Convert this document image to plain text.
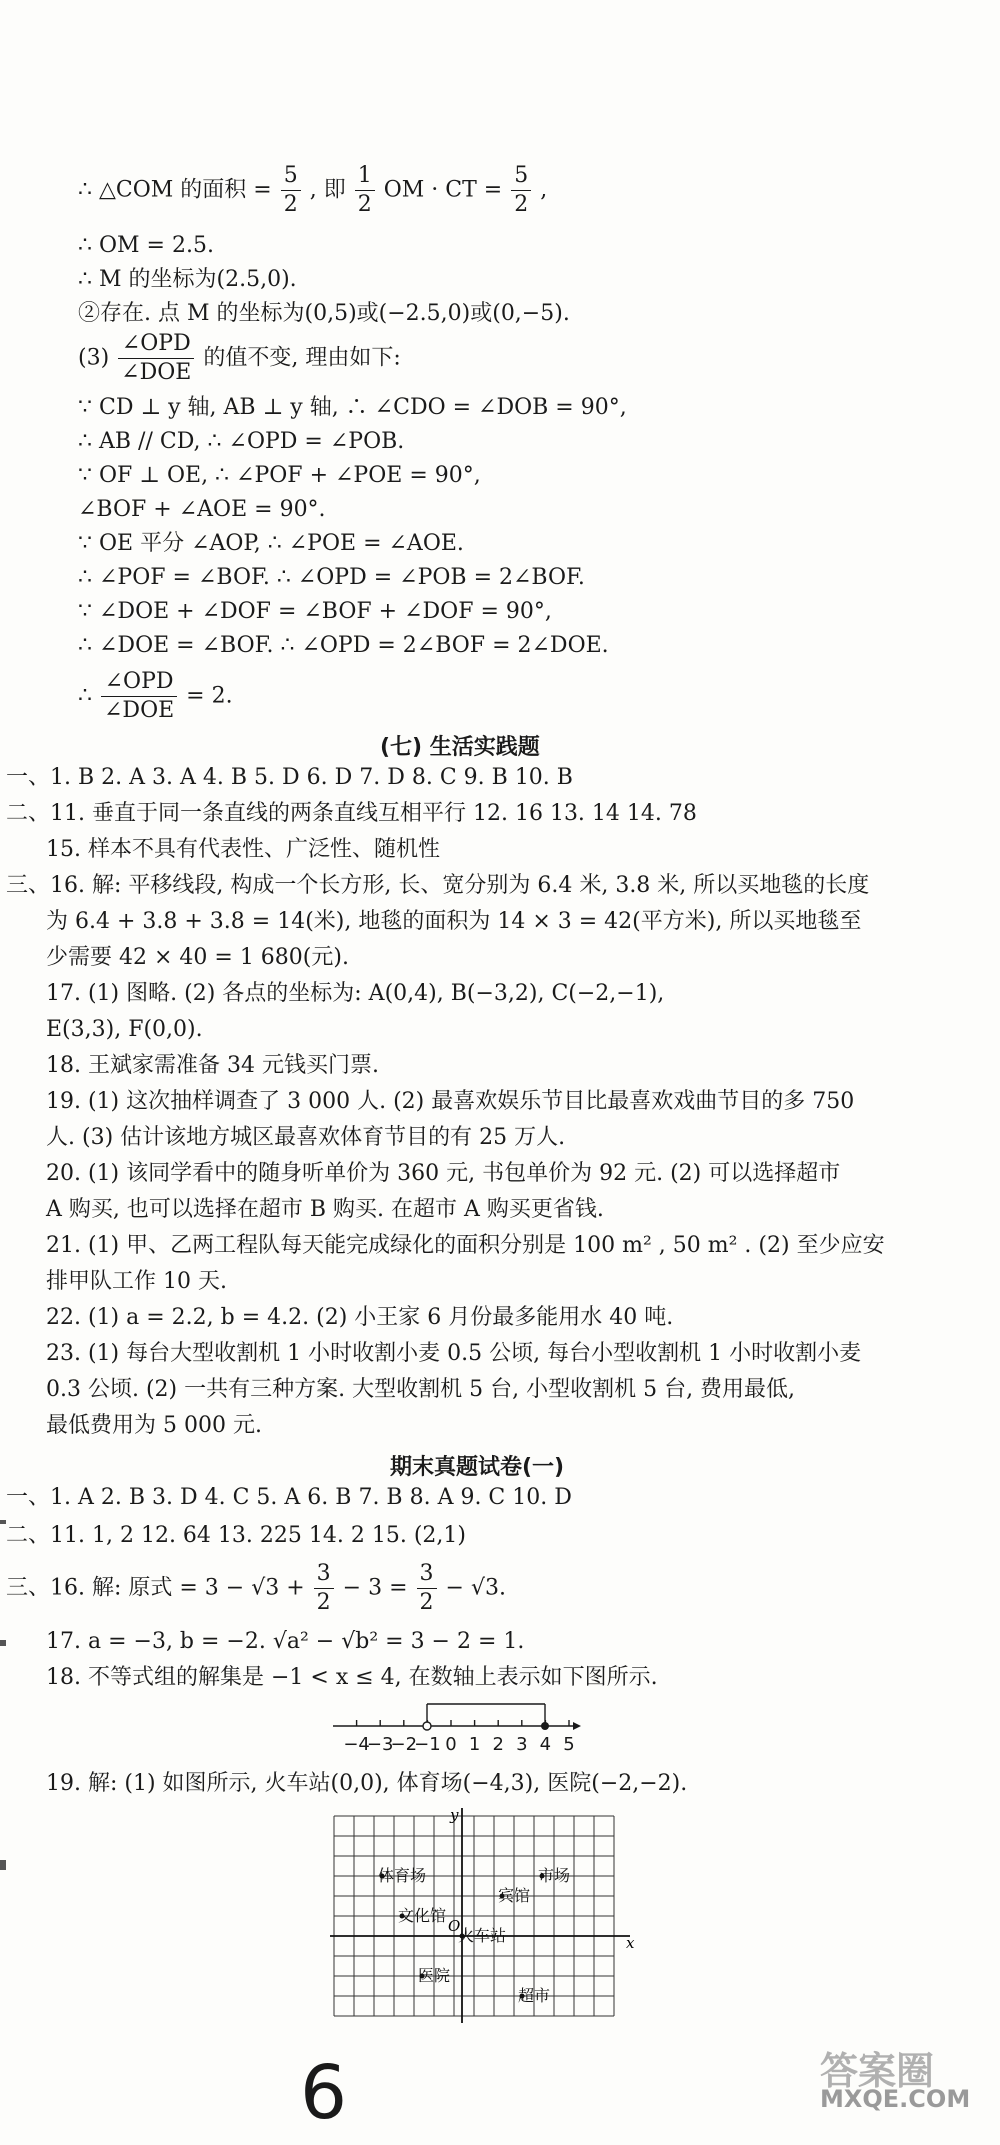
∴ △COM 的面积 = $\frac{5}{2}$ , 即 $\frac{1}{2}$ OM · CT = $\frac{5}{2}$ ,
∴ OM = 2.5.
∴ M 的坐标为(2.5,0).
②存在. 点 M 的坐标为(0,5)或(−2.5,0)或(0,−5).
(3)
∠OPD
∠DOE
的值不变, 理由如下:
∵ CD ⊥ y 轴, AB ⊥ y 轴, ∴ ∠CDO = ∠DOB = 90°,
∴ AB // CD, ∴ ∠OPD = ∠POB.
∵ OF ⊥ OE, ∴ ∠POF + ∠POE = 90°,
∠BOF + ∠AOE = 90°.
∵ OE 平分 ∠AOP, ∴ ∠POE = ∠AOE.
∴ ∠POF = ∠BOF. ∴ ∠OPD = ∠POB = 2∠BOF.
∵ ∠DOE + ∠DOF = ∠BOF + ∠DOF = 90°,
∴ ∠DOE = ∠BOF. ∴ ∠OPD = 2∠BOF = 2∠DOE.
∴
∠OPD
∠DOE
= 2.
(七) 生活实践题
一、1. B 2. A 3. A 4. B 5. D 6. D 7. D 8. C 9. B 10. B
二、11. 垂直于同一条直线的两条直线互相平行 12. 16 13. 14 14. 78
15. 样本不具有代表性、广泛性、随机性
三、16. 解: 平移线段, 构成一个长方形, 长、宽分别为 6.4 米, 3.8 米, 所以买地毯的长度
为 6.4 + 3.8 + 3.8 = 14(米), 地毯的面积为 14 × 3 = 42(平方米), 所以买地毯至
少需要 42 × 40 = 1 680(元).
17. (1) 图略. (2) 各点的坐标为: A(0,4), B(−3,2), C(−2,−1),
E(3,3), F(0,0).
18. 王斌家需准备 34 元钱买门票.
19. (1) 这次抽样调查了 3 000 人. (2) 最喜欢娱乐节目比最喜欢戏曲节目的多 750
人. (3) 估计该地方城区最喜欢体育节目的有 25 万人.
20. (1) 该同学看中的随身听单价为 360 元, 书包单价为 92 元. (2) 可以选择超市
A 购买, 也可以选择在超市 B 购买. 在超市 A 购买更省钱.
21. (1) 甲、乙两工程队每天能完成绿化的面积分别是 100 m² , 50 m² . (2) 至少应安
排甲队工作 10 天.
22. (1) a = 2.2, b = 4.2. (2) 小王家 6 月份最多能用水 40 吨.
23. (1) 每台大型收割机 1 小时收割小麦 0.5 公顷, 每台小型收割机 1 小时收割小麦
0.3 公顷. (2) 一共有三种方案. 大型收割机 5 台, 小型收割机 5 台, 费用最低,
最低费用为 5 000 元.
期末真题试卷(一)
一、1. A 2. B 3. D 4. C 5. A 6. B 7. B 8. A 9. C 10. D
二、11. 1, 2 12. 64 13. 225 14. 2 15. (2,1)
三、16. 解: 原式 = $3 - √3 + \frac{3}{2} - 3 = \frac{3}{2} - √3$.
17. a = −3, b = −2. √a² − √b² = 3 − 2 = 1.
18. 不等式组的解集是 −1 < x ≤ 4, 在数轴上表示如下图所示.
−4
−3
−2
−1 0 1 2 3 4 5
19. 解: (1) 如图所示, 火车站(0,0), 体育场(−4,3), 医院(−2,−2).
y
x
O
体育场	市场
宾馆
文化馆
火车站
医院
超市
6	答案圈
MXQE.COM
